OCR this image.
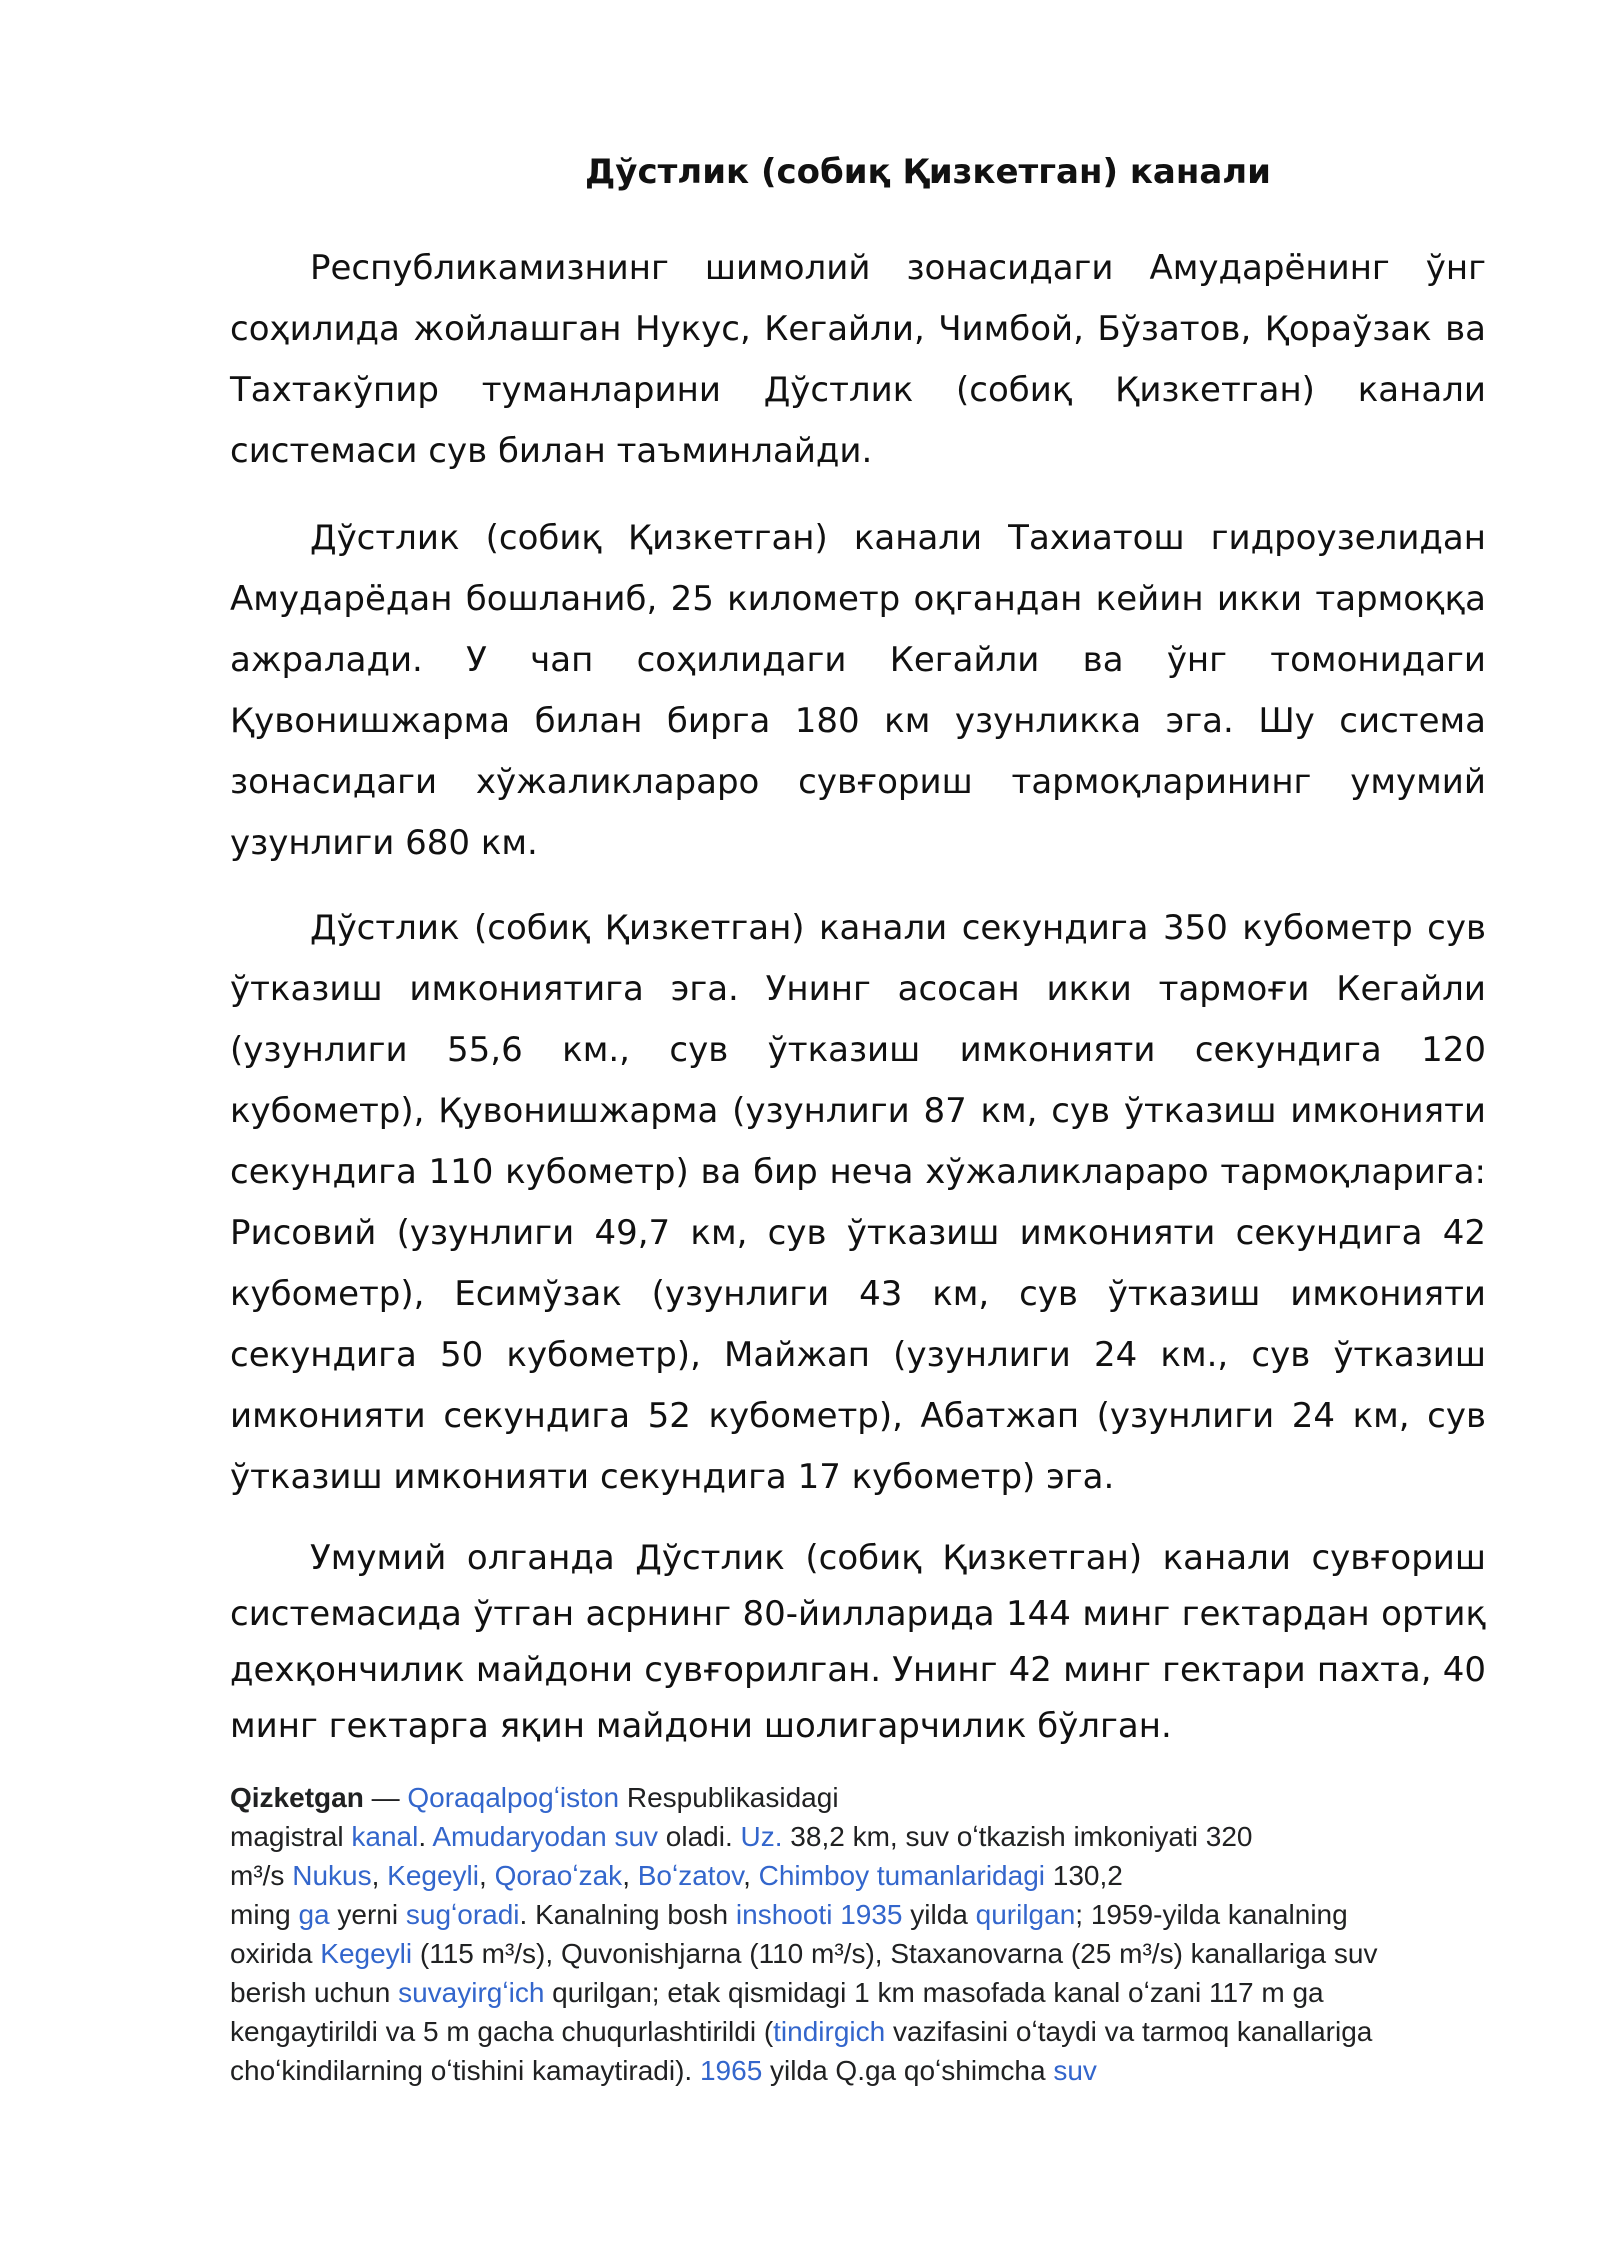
Дўстлик (собиқ Қизкетган) канали

Республикамизнинг шимолий зонасидаги Амударёнинг ўнг соҳилида жойлашган Нукус, Кегайли, Чимбой, Бўзатов, Қораўзак ва Тахтакўпир туманларини Дўстлик (собиқ Қизкетган) канали системаси сув билан таъминлайди.

Дўстлик (собиқ Қизкетган) канали Тахиатош гидроузелидан Амударёдан бошланиб, 25 километр оқгандан кейин икки тармоққа ажралади. У чап соҳилидаги Кегайли ва ўнг томонидаги Қувонишжарма билан бирга 180 км узунликка эга. Шу система зонасидаги хўжаликлараро сувғориш тармоқларининг умумий узунлиги 680 км.

Дўстлик (собиқ Қизкетган) канали секундига 350 кубометр сув ўтказиш имкониятига эга. Унинг асосан икки тармоғи Кегайли (узунлиги 55,6 км., сув ўтказиш имконияти секундига 120 кубометр), Қувонишжарма (узунлиги 87 км, сув ўтказиш имконияти секундига 110 кубометр) ва бир неча хўжаликлараро тармоқларига: Рисовий (узунлиги 49,7 км, сув ўтказиш имконияти секундига 42 кубометр), Есимўзак (узунлиги 43 км, сув ўтказиш имконияти секундига 50 кубометр), Майжап (узунлиги 24 км., сув ўтказиш имконияти секундига 52 кубометр), Абатжап (узунлиги 24 км, сув ўтказиш имконияти секундига 17 кубометр) эга.

Умумий олганда Дўстлик (собиқ Қизкетган) канали сувғориш системасида ўтган асрнинг 80-йилларида 144 минг гектардан ортиқ дехқончилик майдони сувғорилган. Унинг 42 минг гектари пахта, 40 минг гектарга яқин майдони шолигарчилик бўлган.

Qizketgan — Qoraqalpogʻiston Respublikasidagi
magistral kanal. Amudaryodan suv oladi. Uz. 38,2 km, suv oʻtkazish imkoniyati 320
m³/s Nukus, Kegeyli, Qoraoʻzak, Boʻzatov, Chimboy tumanlaridagi 130,2
ming ga yerni sugʻoradi. Kanalning bosh inshooti 1935 yilda qurilgan; 1959-yilda kanalning
oxirida Kegeyli (115 m³/s), Quvonishjarna (110 m³/s), Staxanovarna (25 m³/s) kanallariga suv
berish uchun suvayirgʻich qurilgan; etak qismidagi 1 km masofada kanal oʻzani 117 m ga
kengaytirildi va 5 m gacha chuqurlashtirildi (tindirgich vazifasini oʻtaydi va tarmoq kanallariga
choʻkindilarning oʻtishini kamaytiradi). 1965 yilda Q.ga qoʻshimcha suv
